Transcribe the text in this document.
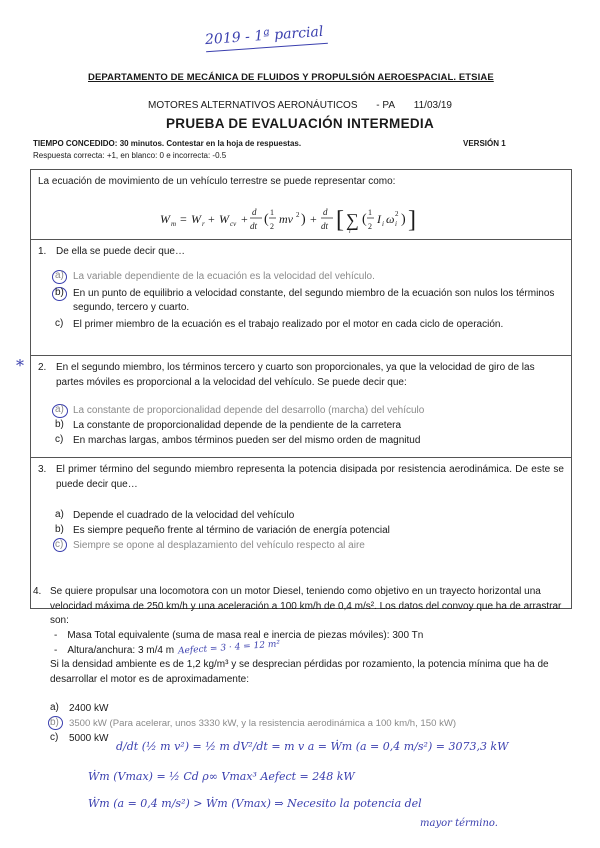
2019 - 1ª parcial
DEPARTAMENTO DE MECÁNICA DE FLUIDOS Y PROPULSIÓN AEROESPACIAL. ETSIAE
MOTORES ALTERNATIVOS AERONÁUTICOS - PA 11/03/19
PRUEBA DE EVALUACIÓN INTERMEDIA
TIEMPO CONCEDIDO: 30 minutos. Contestar en la hoja de respuestas.	VERSIÓN 1
Respuesta correcta: +1, en blanco: 0 e incorrecta: -0.5
La ecuación de movimiento de un vehículo terrestre se puede representar como:
W m = W r + W cv + d
dt ( 1
2
mv 2 ) + d
dt [ ∑
i
( 1
2
I i ω i
2 ) ]
1. De ella se puede decir que…
a) La variable dependiente de la ecuación es la velocidad del vehículo.
b) En un punto de equilibrio a velocidad constante, del segundo miembro de la ecuación son nulos los términos segundo, tercero y cuarto.
c) El primer miembro de la ecuación es el trabajo realizado por el motor en cada ciclo de operación.
* 2. En el segundo miembro, los términos tercero y cuarto son proporcionales, ya que la velocidad de giro de las partes móviles es proporcional a la velocidad del vehículo. Se puede decir que:
a) La constante de proporcionalidad depende del desarrollo (marcha) del vehículo
b) La constante de proporcionalidad depende de la pendiente de la carretera
c) En marchas largas, ambos términos pueden ser del mismo orden de magnitud
3. El primer término del segundo miembro representa la potencia disipada por resistencia aerodinámica. De este se puede decir que…
a) Depende el cuadrado de la velocidad del vehículo
b) Es siempre pequeño frente al término de variación de energía potencial
c) Siempre se opone al desplazamiento del vehículo respecto al aire
4. Se quiere propulsar una locomotora con un motor Diesel, teniendo como objetivo en un trayecto horizontal una velocidad máxima de 250 km/h y una aceleración a 100 km/h de 0,4 m/s². Los datos del convoy que ha de arrastrar son:
- Masa Total equivalente (suma de masa real e inercia de piezas móviles): 300 Tn
- Altura/anchura: 3 m/4 m Aefect = 3 · 4 = 12 m²
Si la densidad ambiente es de 1,2 kg/m³ y se desprecian pérdidas por rozamiento, la potencia mínima que ha de desarrollar el motor es de aproximadamente:
a) 2400 kW
b) 3500 kW (Para acelerar, unos 3330 kW, y la resistencia aerodinámica a 100 km/h, 150 kW)
c) 5000 kW
d/dt (½ m v²) = ½ m dV²/dt = m v a = Ẇm (a = 0,4 m/s²) = 3073,3 kW
Ẇm (Vmax) = ½ Cd ρ∞ Vmax³ Aefect = 248 kW
Ẇm (a = 0,4 m/s²) > Ẇm (Vmax) ⇒ Necesito la potencia del
mayor término.
